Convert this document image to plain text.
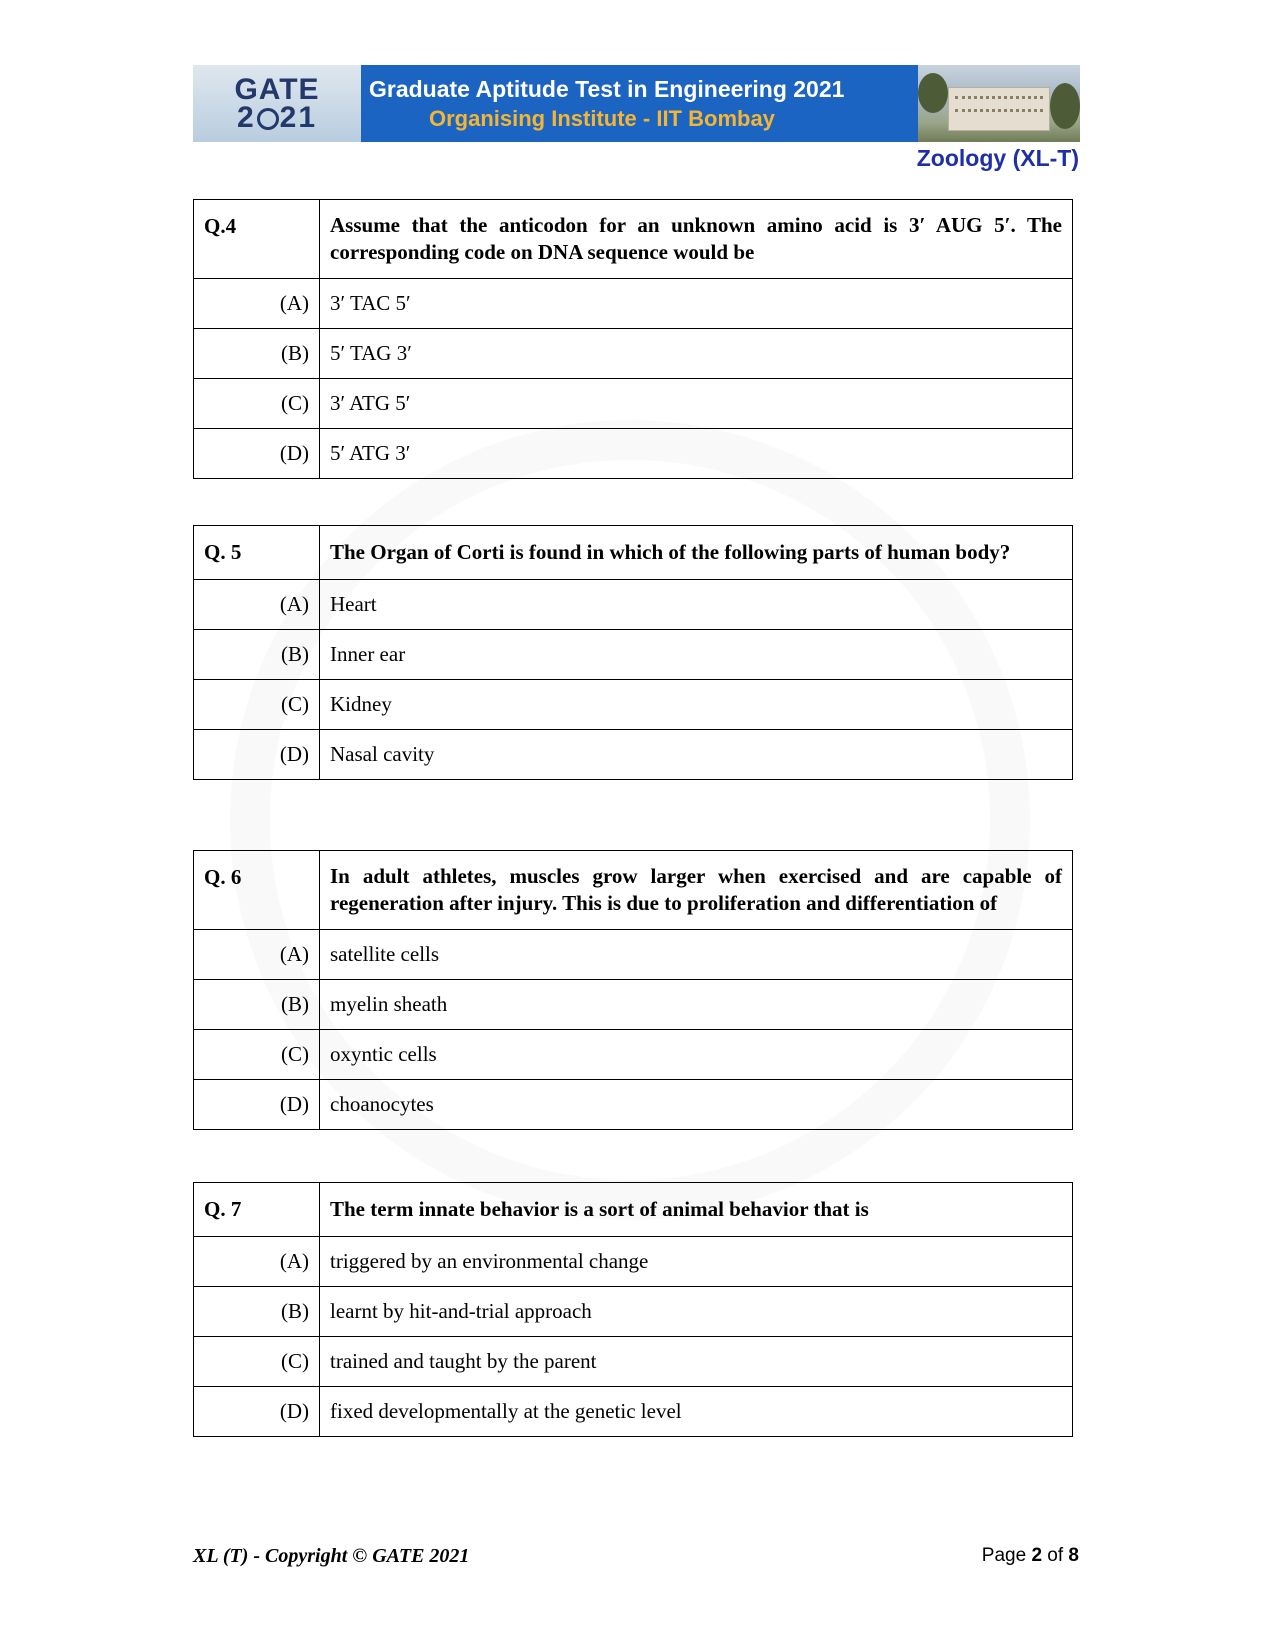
GATE
2 21
Graduate Aptitude Test in Engineering 2021
Organising Institute - IIT Bombay
Zoology (XL-T)
Q.4	Assume that the anticodon for an unknown amino acid is 3′ AUG 5′. The corresponding code on DNA sequence would be
(A)	3′ TAC 5′
(B)	5′ TAG 3′
(C)	3′ ATG 5′
(D)	5′ ATG 3′
Q. 5	The Organ of Corti is found in which of the following parts of human body?
(A)	Heart
(B)	Inner ear
(C)	Kidney
(D)	Nasal cavity
Q. 6	In adult athletes, muscles grow larger when exercised and are capable of regeneration after injury. This is due to proliferation and differentiation of
(A)	satellite cells
(B)	myelin sheath
(C)	oxyntic cells
(D)	choanocytes
Q. 7	The term innate behavior is a sort of animal behavior that is
(A)	triggered by an environmental change
(B)	learnt by hit-and-trial approach
(C)	trained and taught by the parent
(D)	fixed developmentally at the genetic level
XL (T) - Copyright © GATE 2021	Page 2 of 8
